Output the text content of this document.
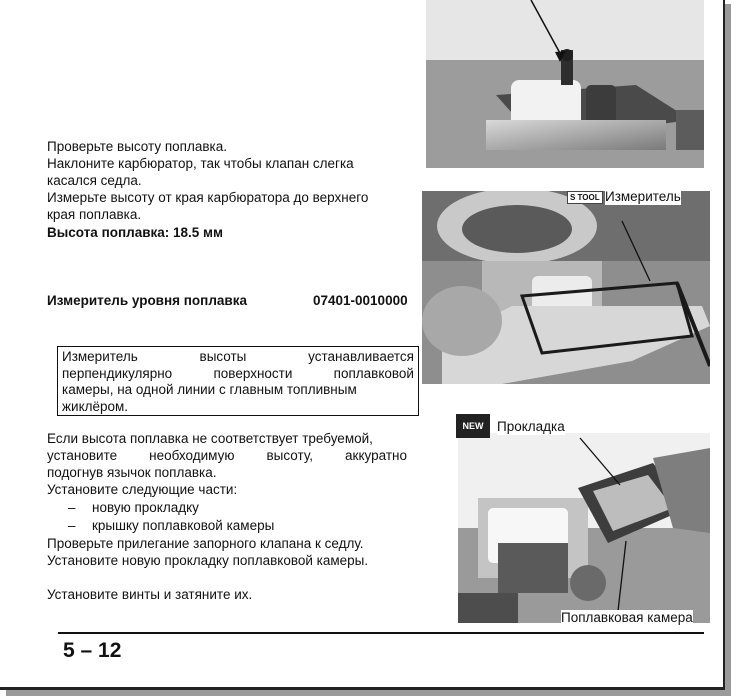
Проверьте высоту поплавка.
Наклоните карбюратор, так чтобы клапан слегка
касался седла.
Измерьте высоту от края карбюратора до верхнего
края поплавка.
Высота поплавка: 18.5 мм
Измеритель уровня поплавка	07401-0010000
Измеритель	высоты	устанавливается
перпендикулярно	поверхности	поплавковой
камеры, на одной линии с главным топливным
жиклёром.
Если высота поплавка не соответствует требуемой,
установите необходимую высоту, аккуратно
подогнув язычок поплавка.
Установите следующие части:
– новую прокладку
– крышку поплавковой камеры
Проверьте прилегание запорного клапана к седлу.
Установите новую прокладку поплавковой камеры.
Установите винты и затяните их.
S TOOL Измеритель
NEW	Прокладка
Поплавковая камера
5 – 12
